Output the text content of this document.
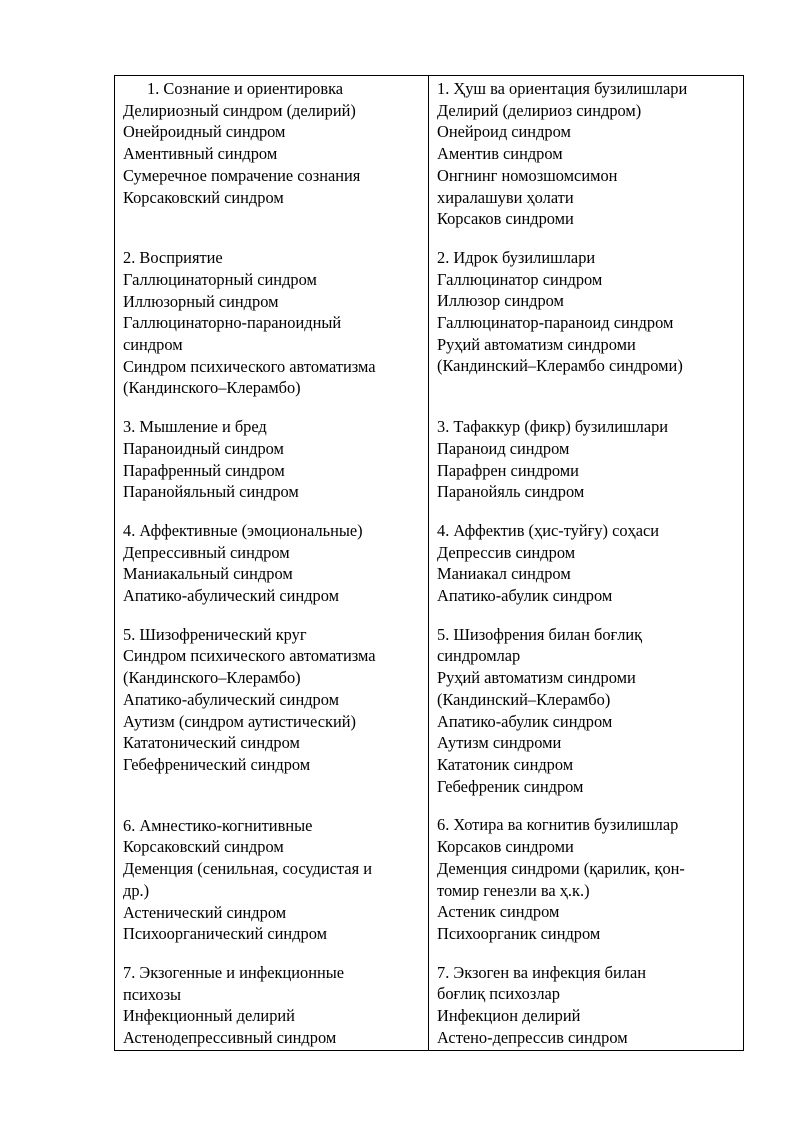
1. Сознание и ориентировка
Делириозный синдром (делирий)
Онейроидный синдром
Аментивный синдром
Сумеречное помрачение сознания
Корсаковский синдром
2. Восприятие
Галлюцинаторный синдром
Иллюзорный синдром
Галлюцинаторно-параноидный
синдром
Синдром психического автоматизма
(Кандинского–Клерамбо)
3. Мышление и бред
Параноидный синдром
Парафренный синдром
Паранойяльный синдром
4. Аффективные (эмоциональные)
Депрессивный синдром
Маниакальный синдром
Апатико-абулический синдром
5. Шизофренический круг
Синдром психического автоматизма
(Кандинского–Клерамбо)
Апатико-абулический синдром
Аутизм (синдром аутистический)
Кататонический синдром
Гебефренический синдром
6. Амнестико-когнитивные
Корсаковский синдром
Деменция (сенильная, сосудистая и
др.)
Астенический синдром
Психоорганический синдром
7. Экзогенные и инфекционные
психозы
Инфекционный делирий
Астенодепрессивный синдром
1. Ҳуш ва ориентация бузилишлари
Делирий (делириоз синдром)
Онейроид синдром
Аментив синдром
Онгнинг номозшомсимон
хиралашуви ҳолати
Корсаков синдроми
2. Идрок бузилишлари
Галлюцинатор синдром
Иллюзор синдром
Галлюцинатор-параноид синдром
Руҳий автоматизм синдроми
(Кандинский–Клерамбо синдроми)
3. Тафаккур (фикр) бузилишлари
Параноид синдром
Парафрен синдроми
Паранойяль синдром
4. Аффектив (ҳис-туйғу) соҳаси
Депрессив синдром
Маниакал синдром
Апатико-абулик синдром
5. Шизофрения билан боғлиқ
синдромлар
Руҳий автоматизм синдроми
(Кандинский–Клерамбо)
Апатико-абулик синдром
Аутизм синдроми
Кататоник синдром
Гебефреник синдром
6. Хотира ва когнитив бузилишлар
Корсаков синдроми
Деменция синдроми (қарилик, қон-
томир генезли ва ҳ.к.)
Астеник синдром
Психоорганик синдром
7. Экзоген ва инфекция билан
боғлиқ психозлар
Инфекцион делирий
Астено-депрессив синдром
